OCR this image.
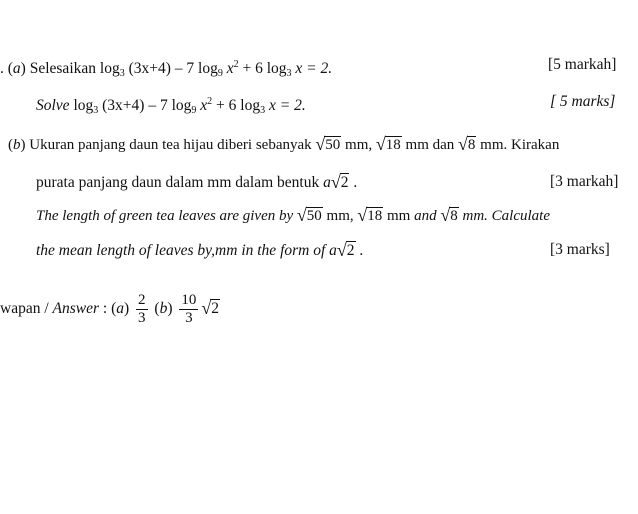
. (a) Selesaikan $\log_3 (3x+4) - 7$ $\log_9 x^2 + 6$ $\log_3 x = 2$.	[5 markah]
Solve $\log_3 (3x+4) - 7$ $\log_9 x^2 + 6$ $\log_3 x = 2$.	[ 5 marks]
(b) Ukuran panjang daun tea hijau diberi sebanyak √50 mm, √18 mm dan √8 mm. Kirakan
purata panjang daun dalam mm dalam bentuk a√2 .	[3 markah]
The length of green tea leaves are given by √50 mm, √18 mm and √8 mm. Calculate
the mean length of leaves by,mm in the form of a√2 .	[3 marks]
wapan / Answer : $(a) \frac{2}{3} (b) \frac{10}{3} √2$
